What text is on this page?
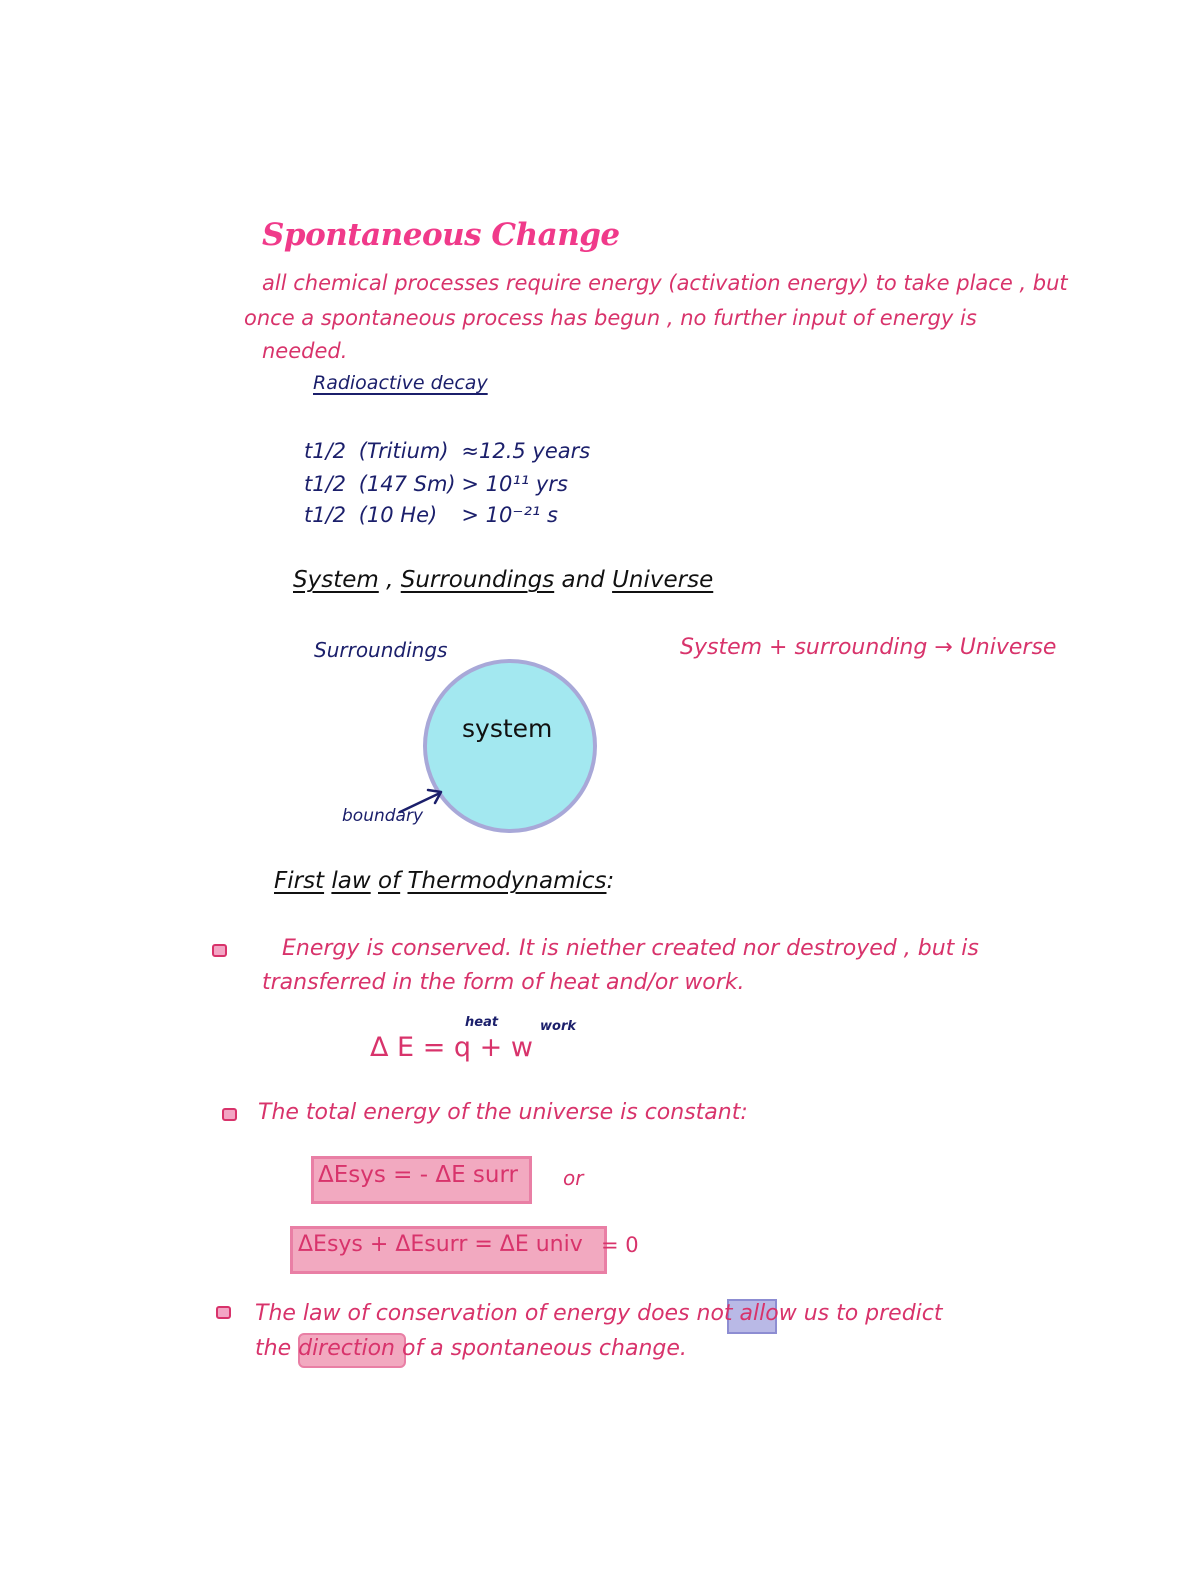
Spontaneous Change
all chemical processes require energy (activation energy) to take place , but
once a spontaneous process has begun , no further input of energy is
needed.
Radioactive decay
t1/2 (Tritium) ≈12.5 years
t1/2 (147 Sm) > 10¹¹ yrs
t1/2 (10 He) > 10⁻²¹ s
System , Surroundings and Universe
Surroundings	System + surrounding → Universe
system
boundary
First law of Thermodynamics:
Energy is conserved. It is niether created nor destroyed , but is
transferred in the form of heat and/or work.
heat	work
Δ E = q + w
The total energy of the universe is constant:
ΔEsys = - ΔE surr or
ΔEsys + ΔEsurr = ΔE univ = 0
The law of conservation of energy does not allow us to predict
the direction of a spontaneous change.
